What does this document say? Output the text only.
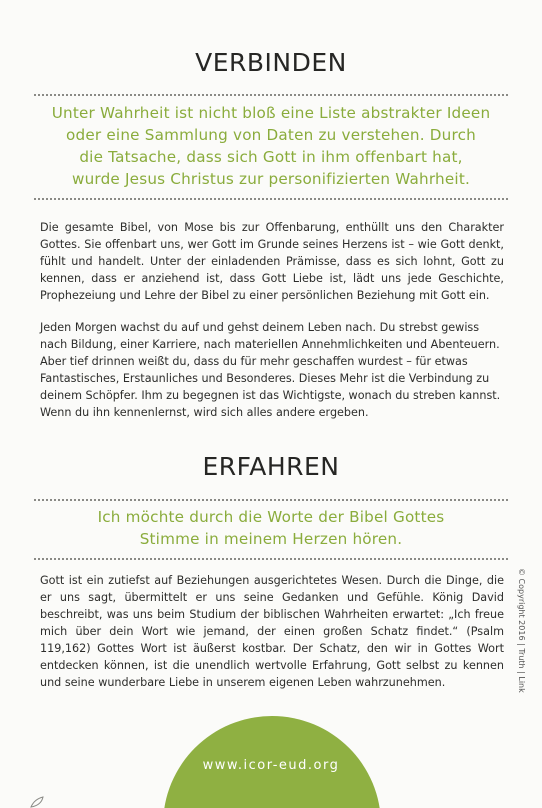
VERBINDEN
Unter Wahrheit ist nicht bloß eine Liste abstrakter Ideen
oder eine Sammlung von Daten zu verstehen. Durch
die Tatsache, dass sich Gott in ihm offenbart hat,
wurde Jesus Christus zur personifizierten Wahrheit.

Die gesamte Bibel, von Mose bis zur Offenbarung, enthüllt uns den Charakter Gottes. Sie offenbart uns, wer Gott im Grunde seines Herzens ist – wie Gott denkt, fühlt und handelt. Unter der einladenden Prämisse, dass es sich lohnt, Gott zu kennen, dass er anziehend ist, dass Gott Liebe ist, lädt uns jede Geschichte, Prophezeiung und Lehre der Bibel zu einer persönlichen Beziehung mit Gott ein.

Jeden Morgen wachst du auf und gehst deinem Leben nach. Du strebst gewiss nach Bildung, einer Karriere, nach materiellen Annehmlichkeiten und Abenteuern. Aber tief drinnen weißt du, dass du für mehr geschaffen wurdest – für etwas Fantastisches, Erstaunliches und Besonderes. Dieses Mehr ist die Verbindung zu deinem Schöpfer. Ihm zu begegnen ist das Wichtigste, wonach du streben kannst. Wenn du ihn kennenlernst, wird sich alles andere ergeben.

ERFAHREN
Ich möchte durch die Worte der Bibel Gottes
Stimme in meinem Herzen hören.

Gott ist ein zutiefst auf Beziehungen ausgerichtetes Wesen. Durch die Dinge, die er uns sagt, übermittelt er uns seine Gedanken und Gefühle. König David beschreibt, was uns beim Studium der biblischen Wahrheiten erwartet: „Ich freue mich über dein Wort wie jemand, der einen großen Schatz findet.“ (Psalm 119,162) Gottes Wort ist äußerst kostbar. Der Schatz, den wir in Gottes Wort entdecken können, ist die unendlich wertvolle Erfahrung, Gott selbst zu kennen und seine wunderbare Liebe in unserem eigenen Leben wahrzunehmen.	© Copyright 2016 | Truth | Link
www.icor-eud.org
